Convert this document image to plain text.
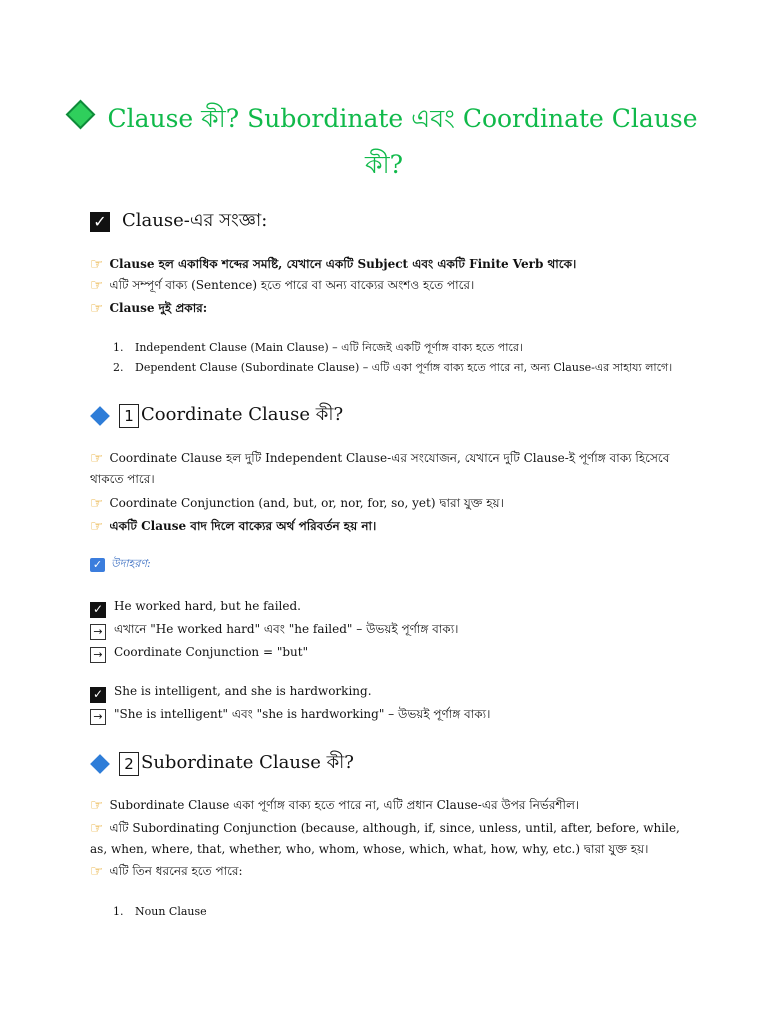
Clause কী? Subordinate এবং Coordinate Clause কী?
✓ Clause-এর সংজ্ঞা:
☞ Clause হল একাধিক শব্দের সমষ্টি, যেখানে একটি Subject এবং একটি Finite Verb থাকে।
☞ এটি সম্পূর্ণ বাক্য (Sentence) হতে পারে বা অন্য বাক্যের অংশও হতে পারে।
☞ Clause দুই প্রকার:
1. Independent Clause (Main Clause) – এটি নিজেই একটি পূর্ণাঙ্গ বাক্য হতে পারে।
2. Dependent Clause (Subordinate Clause) – এটি একা পূর্ণাঙ্গ বাক্য হতে পারে না, অন্য Clause-এর সাহায্য লাগে।
1 Coordinate Clause কী?
☞ Coordinate Clause হল দুটি Independent Clause-এর সংযোজন, যেখানে দুটি Clause-ই পূর্ণাঙ্গ বাক্য হিসেবে থাকতে পারে।
☞ Coordinate Conjunction (and, but, or, nor, for, so, yet) দ্বারা যুক্ত হয়।
☞ একটি Clause বাদ দিলে বাক্যের অর্থ পরিবর্তন হয় না।
✓ উদাহরণ:
✓ He worked hard, but he failed.
→ এখানে "He worked hard" এবং "he failed" – উভয়ই পূর্ণাঙ্গ বাক্য।
→ Coordinate Conjunction = "but"
✓ She is intelligent, and she is hardworking.
→ "She is intelligent" এবং "she is hardworking" – উভয়ই পূর্ণাঙ্গ বাক্য।
2 Subordinate Clause কী?
☞ Subordinate Clause একা পূর্ণাঙ্গ বাক্য হতে পারে না, এটি প্রধান Clause-এর উপর নির্ভরশীল।
☞ এটি Subordinating Conjunction (because, although, if, since, unless, until, after, before, while, as, when, where, that, whether, who, whom, whose, which, what, how, why, etc.) দ্বারা যুক্ত হয়।
☞ এটি তিন ধরনের হতে পারে:
1. Noun Clause
